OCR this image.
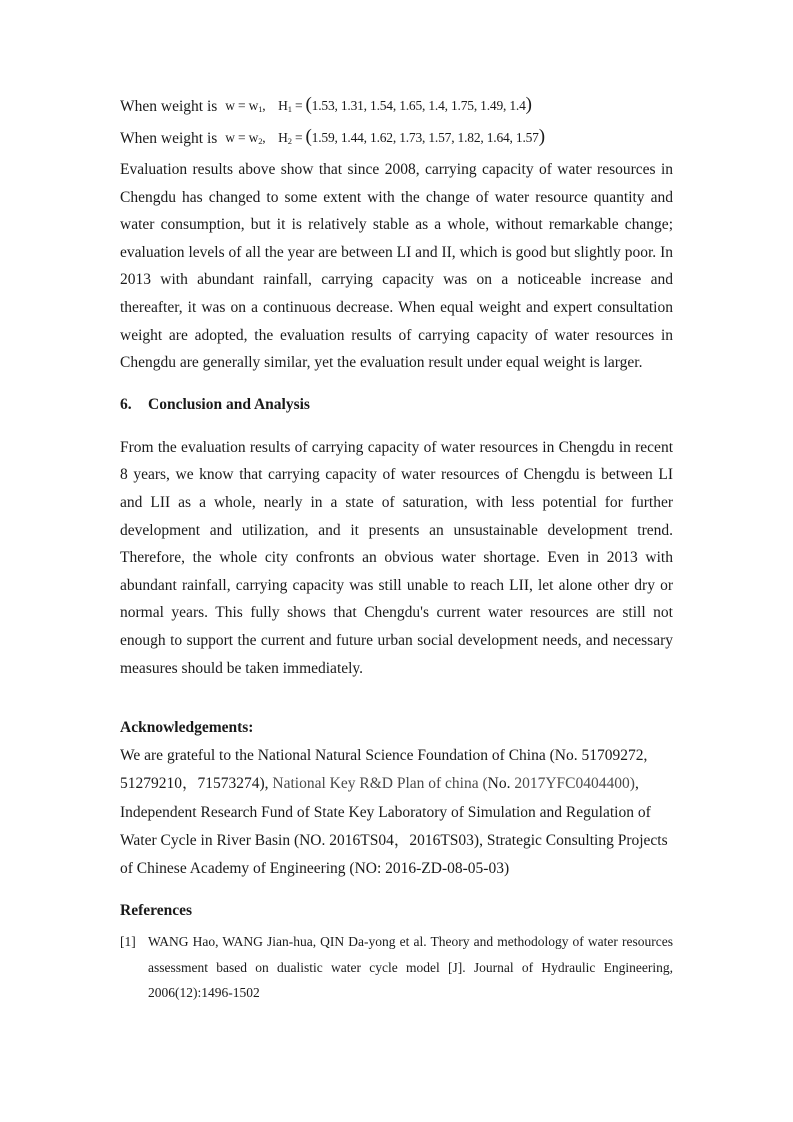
When weight is $w = w_1$,    $H_1 = (1.53$, 1.31, 1.54, 1.65, 1.4, 1.75, 1.49, 1.4)
When weight is $w = w_2$,    $H_2 = (1.59$, 1.44, 1.62, 1.73, 1.57, 1.82, 1.64, 1.57)

Evaluation results above show that since 2008, carrying capacity of water resources in Chengdu has changed to some extent with the change of water resource quantity and water consumption, but it is relatively stable as a whole, without remarkable change; evaluation levels of all the year are between LI and II, which is good but slightly poor. In 2013 with abundant rainfall, carrying capacity was on a noticeable increase and thereafter, it was on a continuous decrease. When equal weight and expert consultation weight are adopted, the evaluation results of carrying capacity of water resources in Chengdu are generally similar, yet the evaluation result under equal weight is larger.

6. Conclusion and Analysis

From the evaluation results of carrying capacity of water resources in Chengdu in recent 8 years, we know that carrying capacity of water resources of Chengdu is between LI and LII as a whole, nearly in a state of saturation, with less potential for further development and utilization, and it presents an unsustainable development trend. Therefore, the whole city confronts an obvious water shortage. Even in 2013 with abundant rainfall, carrying capacity was still unable to reach LII, let alone other dry or normal years. This fully shows that Chengdu's current water resources are still not enough to support the current and future urban social development needs, and necessary measures should be taken immediately.

Acknowledgements:

We are grateful to the National Natural Science Foundation of China (No. 51709272, 51279210，71573274), National Key R&D Plan of china (No. 2017YFC0404400), Independent Research Fund of State Key Laboratory of Simulation and Regulation of Water Cycle in River Basin (NO. 2016TS04，2016TS03), Strategic Consulting Projects of Chinese Academy of Engineering (NO: 2016-ZD-08-05-03)

References
[1] WANG Hao, WANG Jian-hua, QIN Da-yong et al. Theory and methodology of water resources assessment based on dualistic water cycle model [J]. Journal of Hydraulic Engineering, 2006(12):1496-1502
